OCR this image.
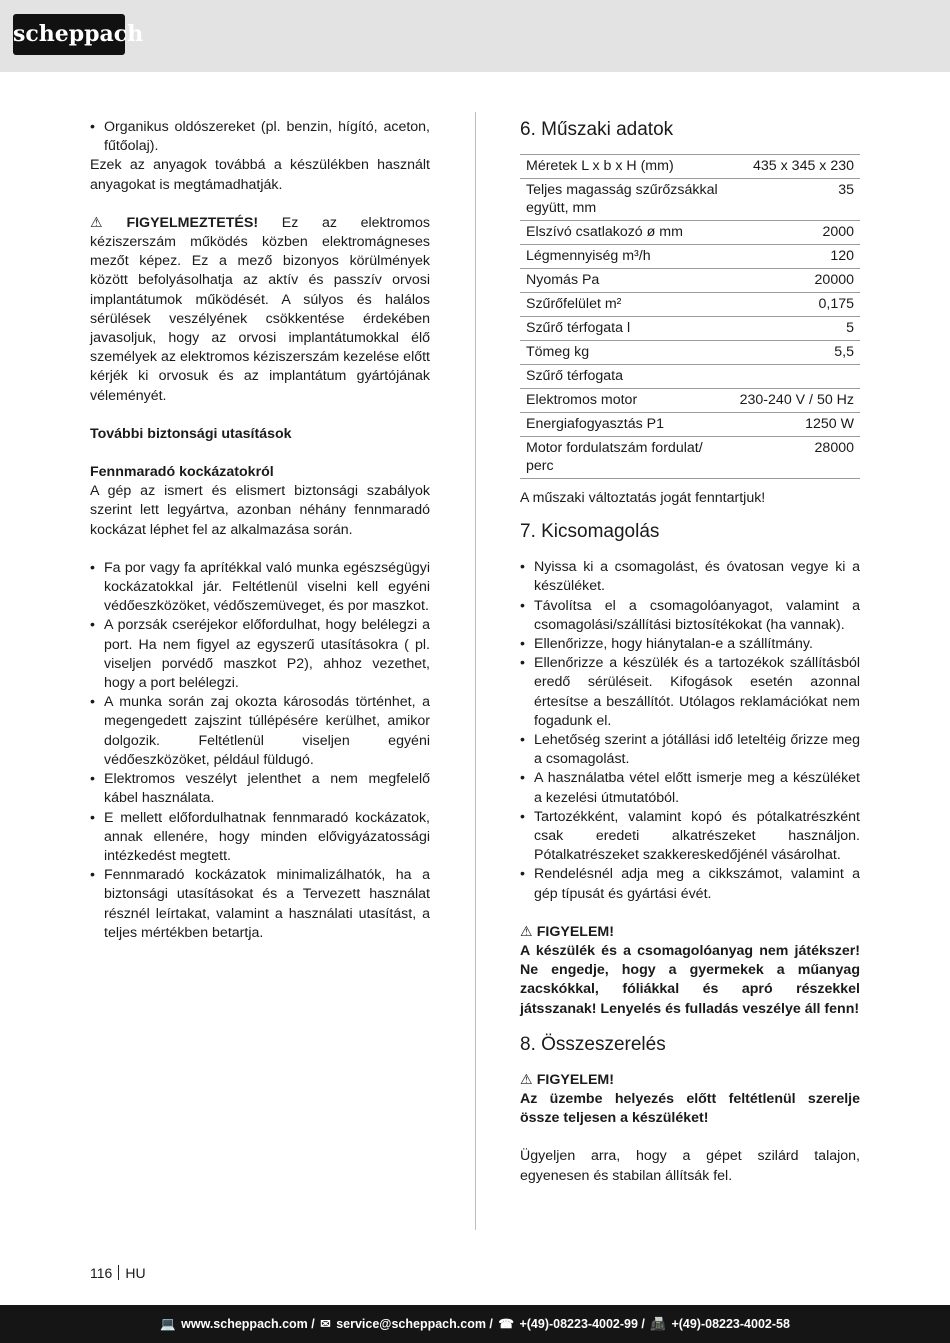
scheppach
• Organikus oldószereket (pl. benzin, hígító, aceton, fűtőolaj).

Ezek az anyagok továbbá a készülékben használt anyagokat is megtámadhatják.

⚠ FIGYELMEZTETÉS! Ez az elektromos kéziszerszám működés közben elektromágneses mezőt képez. Ez a mező bizonyos körülmények között befolyásolhatja az aktív és passzív orvosi implantátumok működését. A súlyos és halálos sérülések veszélyének csökkentése érdekében javasoljuk, hogy az orvosi implantátumokkal élő személyek az elektromos kéziszerszám kezelése előtt kérjék ki orvosuk és az implantátum gyártójának véleményét.

További biztonsági utasítások

Fennmaradó kockázatokról

A gép az ismert és elismert biztonsági szabályok szerint lett legyártva, azonban néhány fennmaradó kockázat léphet fel az alkalmazása során.

• Fa por vagy fa aprítékkal való munka egészségügyi kockázatokkal jár. Feltétlenül viselni kell egyéni védőeszközöket, védőszemüveget, és por maszkot.
• A porzsák cseréjekor előfordulhat, hogy belélegzi a port. Ha nem figyel az egyszerű utasításokra ( pl. viseljen porvédő maszkot P2), ahhoz vezethet, hogy a port belélegzi.
• A munka során zaj okozta károsodás történhet, a megengedett zajszint túllépésére kerülhet, amikor dolgozik. Feltétlenül viseljen egyéni védőeszközöket, például füldugó.
• Elektromos veszélyt jelenthet a nem megfelelő kábel használata.
• E mellett előfordulhatnak fennmaradó kockázatok, annak ellenére, hogy minden elővigyázatossági intézkedést megtett.
• Fennmaradó kockázatok minimalizálhatók, ha a biztonsági utasításokat és a Tervezett használat résznél leírtakat, valamint a használati utasítást, a teljes mértékben betartja.
6. Műszaki adatok
Méretek L x b x H (mm)	435 x 345 x 230
Teljes magasság szűrőzsákkal együtt, mm	35
Elszívó csatlakozó ø mm	2000
Légmennyiség m³/h	120
Nyomás Pa	20000
Szűrőfelület m²	0,175
Szűrő térfogata l	5
Tömeg kg	5,5
Szűrő térfogata	
Elektromos motor	230-240 V / 50 Hz
Energiafogyasztás P1	1250 W
Motor fordulatszám fordulat/ perc	28000

A műszaki változtatás jogát fenntartjuk!

7. Kicsomagolás
• Nyissa ki a csomagolást, és óvatosan vegye ki a készüléket.
• Távolítsa el a csomagolóanyagot, valamint a csomagolási/szállítási biztosítékokat (ha vannak).
• Ellenőrizze, hogy hiánytalan-e a szállítmány.
• Ellenőrizze a készülék és a tartozékok szállításból eredő sérüléseit. Kifogások esetén azonnal értesítse a beszállítót. Utólagos reklamációkat nem fogadunk el.
• Lehetőség szerint a jótállási idő leteltéig őrizze meg a csomagolást.
• A használatba vétel előtt ismerje meg a készüléket a kezelési útmutatóból.
• Tartozékként, valamint kopó és pótalkatrészként csak eredeti alkatrészeket használjon. Pótalkatrészeket szakkereskedőjénél vásárolhat.
• Rendelésnél adja meg a cikkszámot, valamint a gép típusát és gyártási évét.

⚠ FIGYELEM!

A készülék és a csomagolóanyag nem játékszer! Ne engedje, hogy a gyermekek a műanyag zacskókkal, fóliákkal és apró részekkel játsszanak! Lenyelés és fulladás veszélye áll fenn!

8. Összeszerelés

⚠ FIGYELEM!

Az üzembe helyezés előtt feltétlenül szerelje össze teljesen a készüléket!

Ügyeljen arra, hogy a gépet szilárd talajon, egyenesen és stabilan állítsák fel.

116 HU
💻 www.scheppach.com / ✉ service@scheppach.com / ☎ +(49)-08223-4002-99 / 📠 +(49)-08223-4002-58
